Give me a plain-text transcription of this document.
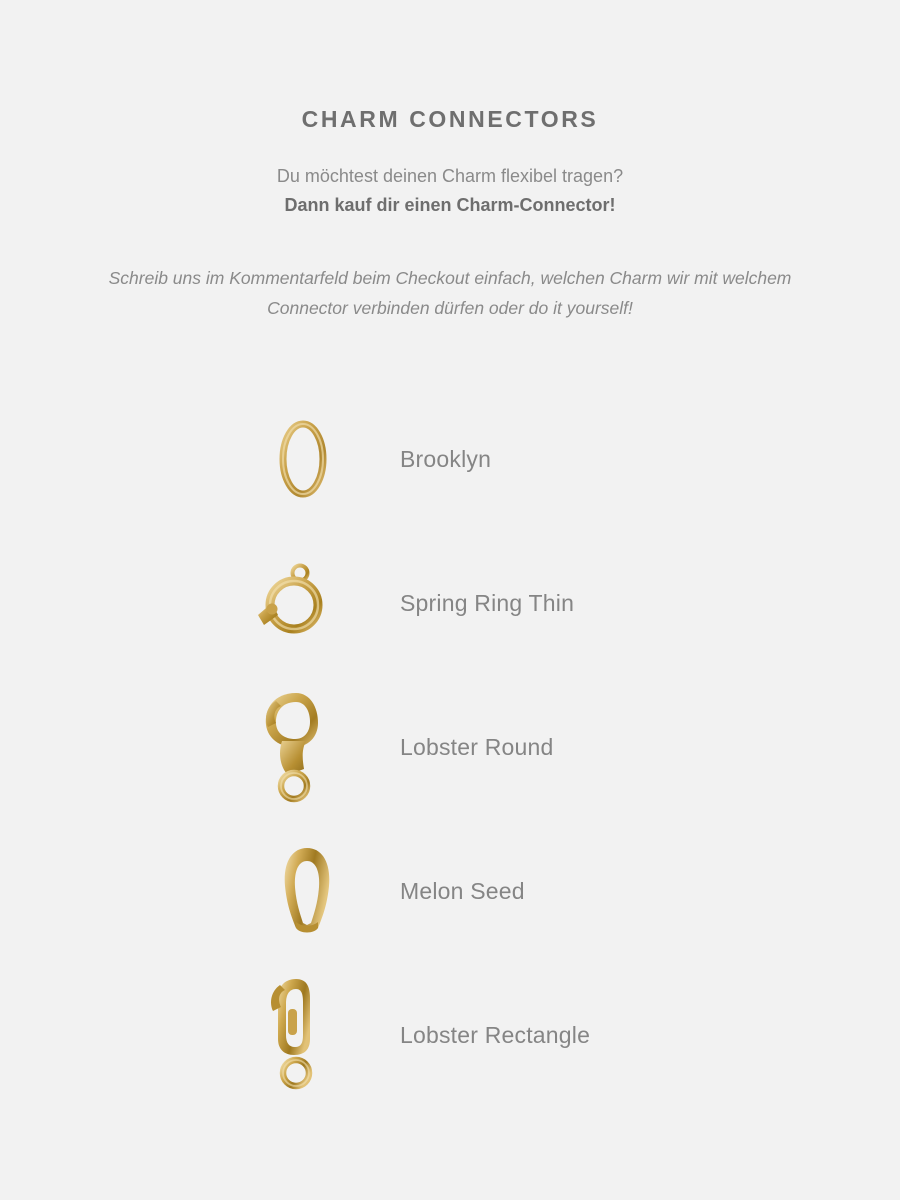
CHARM CONNECTORS

Du möchtest deinen Charm flexibel tragen?

Dann kauf dir einen Charm-Connector!

Schreib uns im Kommentarfeld beim Checkout einfach, welchen Charm wir mit welchem Connector verbinden dürfen oder do it yourself!

Brooklyn
Spring Ring Thin
Lobster Round
Melon Seed
Lobster Rectangle
